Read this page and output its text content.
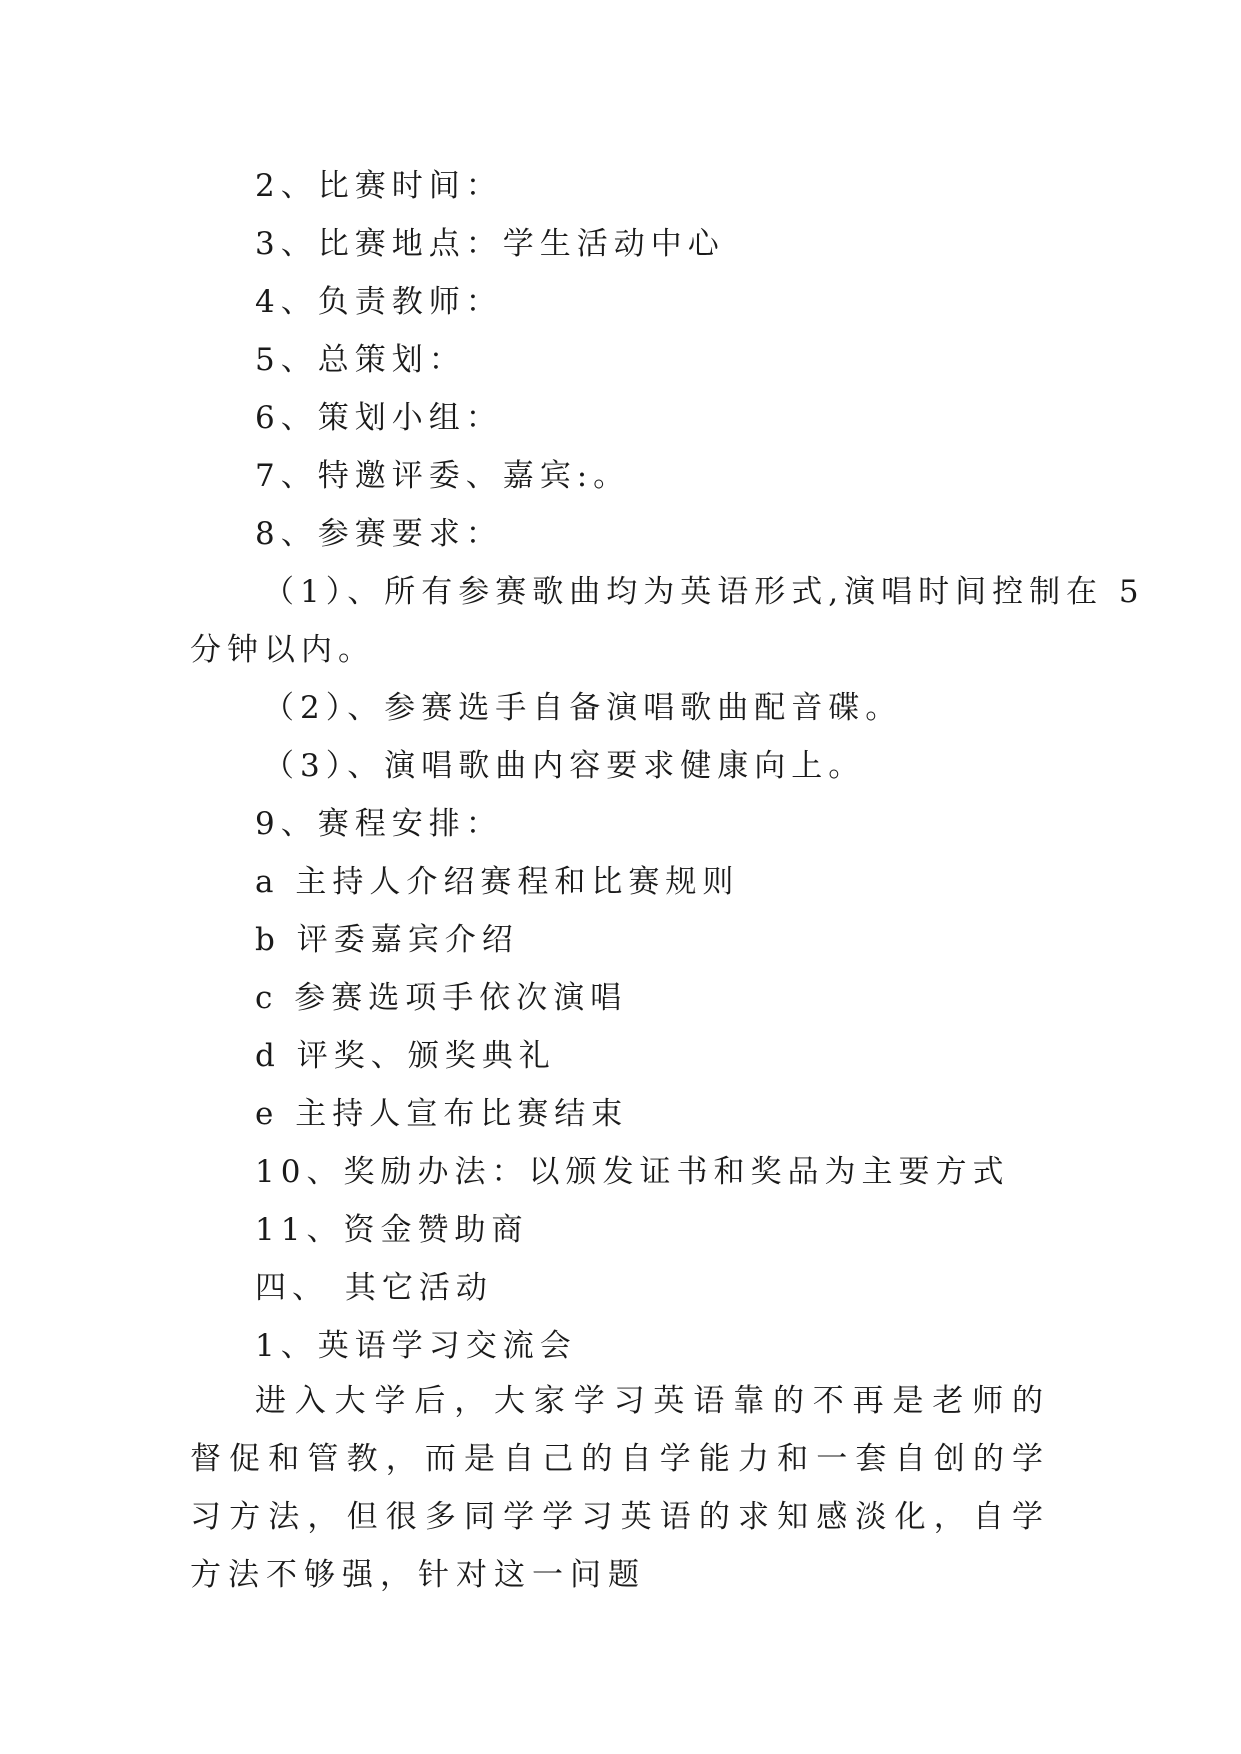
2、比赛时间：
3、比赛地点：学生活动中心
4、负责教师：
5、总策划：
6、策划小组：
7、特邀评委、嘉宾:。
8、参赛要求：
（1）、所有参赛歌曲均为英语形式,演唱时间控制在 5
分钟以内。
（2）、参赛选手自备演唱歌曲配音碟。
（3）、演唱歌曲内容要求健康向上。
9、赛程安排：
a 主持人介绍赛程和比赛规则
b 评委嘉宾介绍
c 参赛选项手依次演唱
d 评奖、颁奖典礼
e 主持人宣布比赛结束
10、奖励办法：以颁发证书和奖品为主要方式
11、资金赞助商
四、 其它活动
1、英语学习交流会
进入大学后，大家学习英语靠的不再是老师的督促和管教，而是自己的自学能力和一套自创的学习方法，但很多同学学习英语的求知感淡化，自学方法不够强，针对这一问题
